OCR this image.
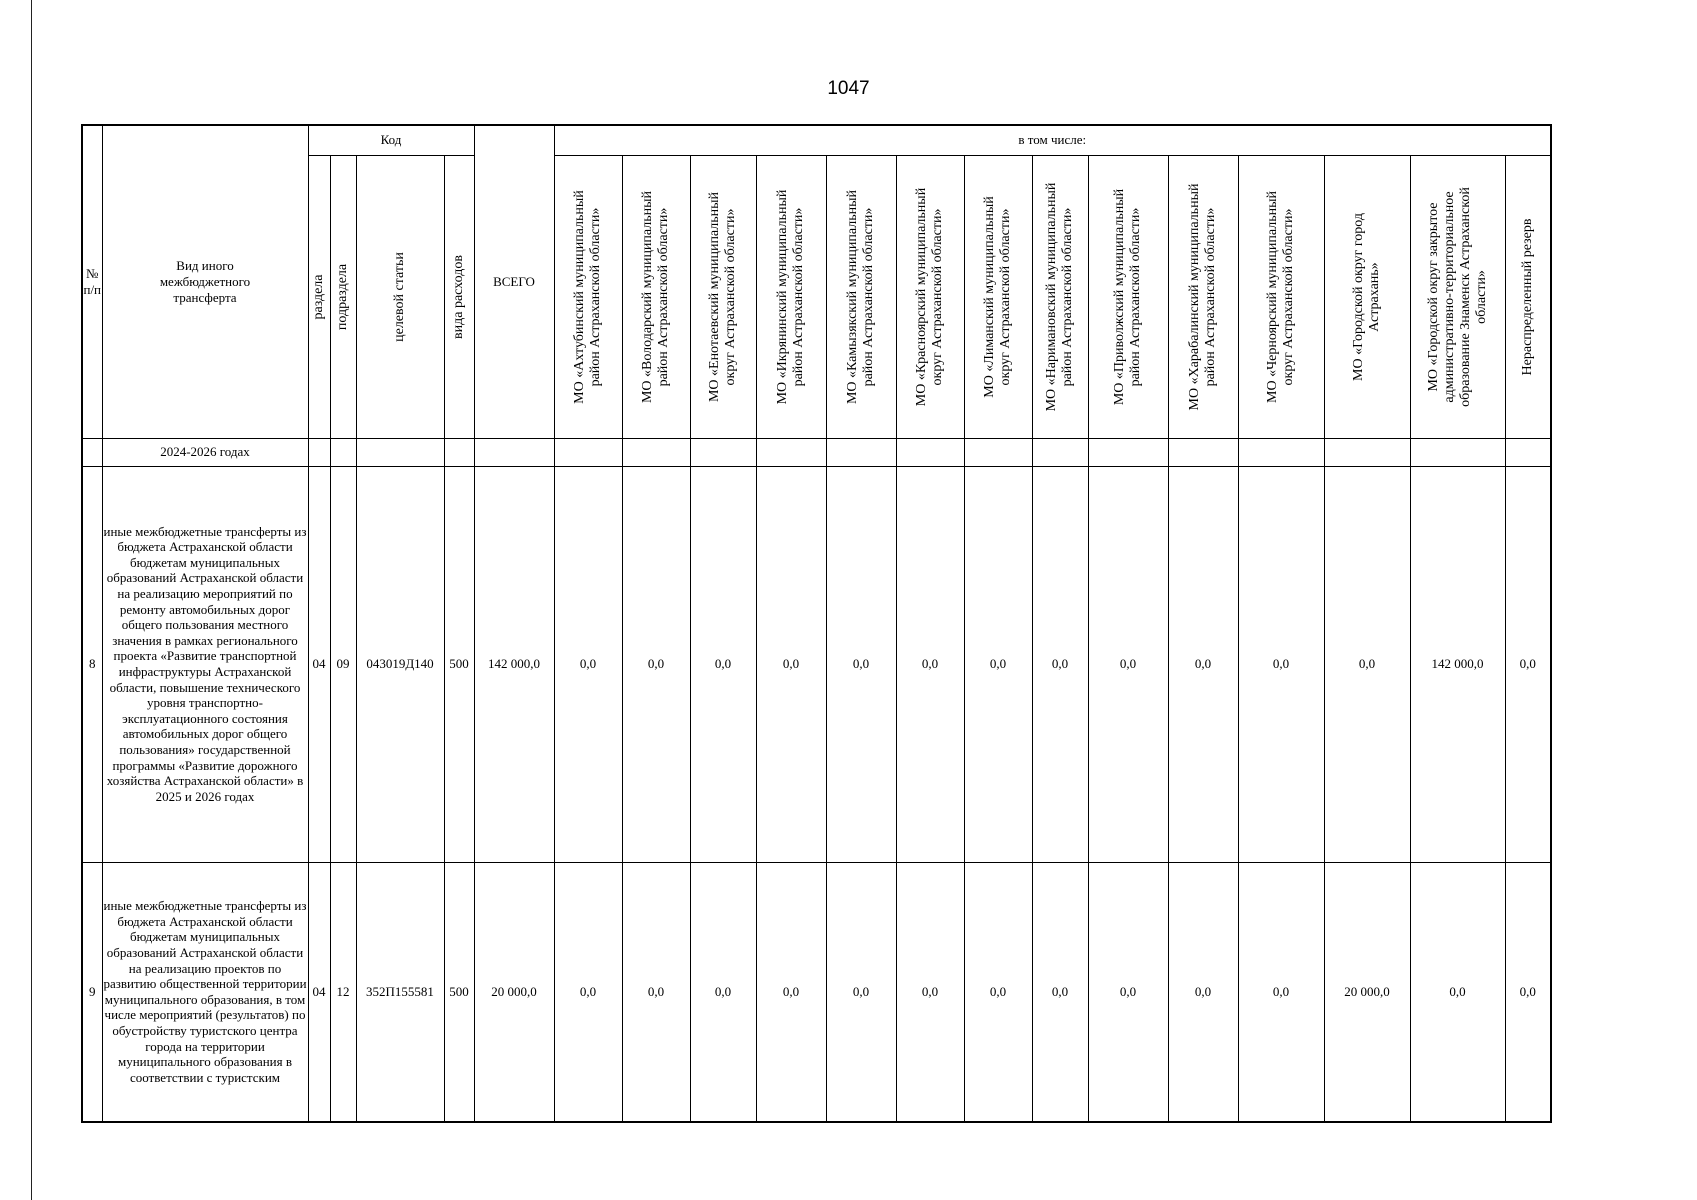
1047
№
п/п	Вид иного межбюджетного трансферта	Код				ВСЕГО	в том числе:													

		раздела	подраздела	целевой статьи	вида расходов		МО «Ахтубинский муниципальный
район Астраханской области»	МО «Володарский муниципальный
район Астраханской области»	МО «Енотаевский муниципальный
округ Астраханской области»	МО «Икрянинский муниципальный
район Астраханской области»	МО «Камызякский муниципальный
район Астраханской области»	МО «Красноярский муниципальный
округ Астраханской области»	МО «Лиманский муниципальный
округ Астраханской области»	МО «Наримановский муниципальный
район Астраханской области»	МО «Приволжский муниципальный
район Астраханской области»	МО «Харабалинский муниципальный
район Астраханской области»	МО «Черноярский муниципальный
округ Астраханской области»	МО «Городской округ город
Астрахань»	МО «Городской округ закрытое
административно-территориальное
образование Знаменск Астраханской
области»	Нераспределенный резерв

	2024-2026 годах																			
8	иные межбюджетные трансферты из бюджета Астраханской области бюджетам муниципальных образований Астраханской области на реализацию мероприятий по ремонту автомобильных дорог общего пользования местного значения в рамках регионального проекта «Развитие транспортной инфраструктуры Астраханской области, повышение технического уровня транспортно-эксплуатационного состояния автомобильных дорог общего пользования» государственной программы «Развитие дорожного хозяйства Астраханской области» в 2025 и 2026 годах	04	09	043019Д140	500	142 000,0	0,0	0,0	0,0	0,0	0,0	0,0	0,0	0,0	0,0	0,0	0,0	0,0	142 000,0	0,0
9	иные межбюджетные трансферты из бюджета Астраханской области бюджетам муниципальных образований Астраханской области на реализацию проектов по развитию общественной территории муниципального образования, в том числе мероприятий (результатов) по обустройству туристского центра города на территории муниципального образования в соответствии с туристским	04	12	352П155581	500	20 000,0	0,0	0,0	0,0	0,0	0,0	0,0	0,0	0,0	0,0	0,0	0,0	20 000,0	0,0	0,0
